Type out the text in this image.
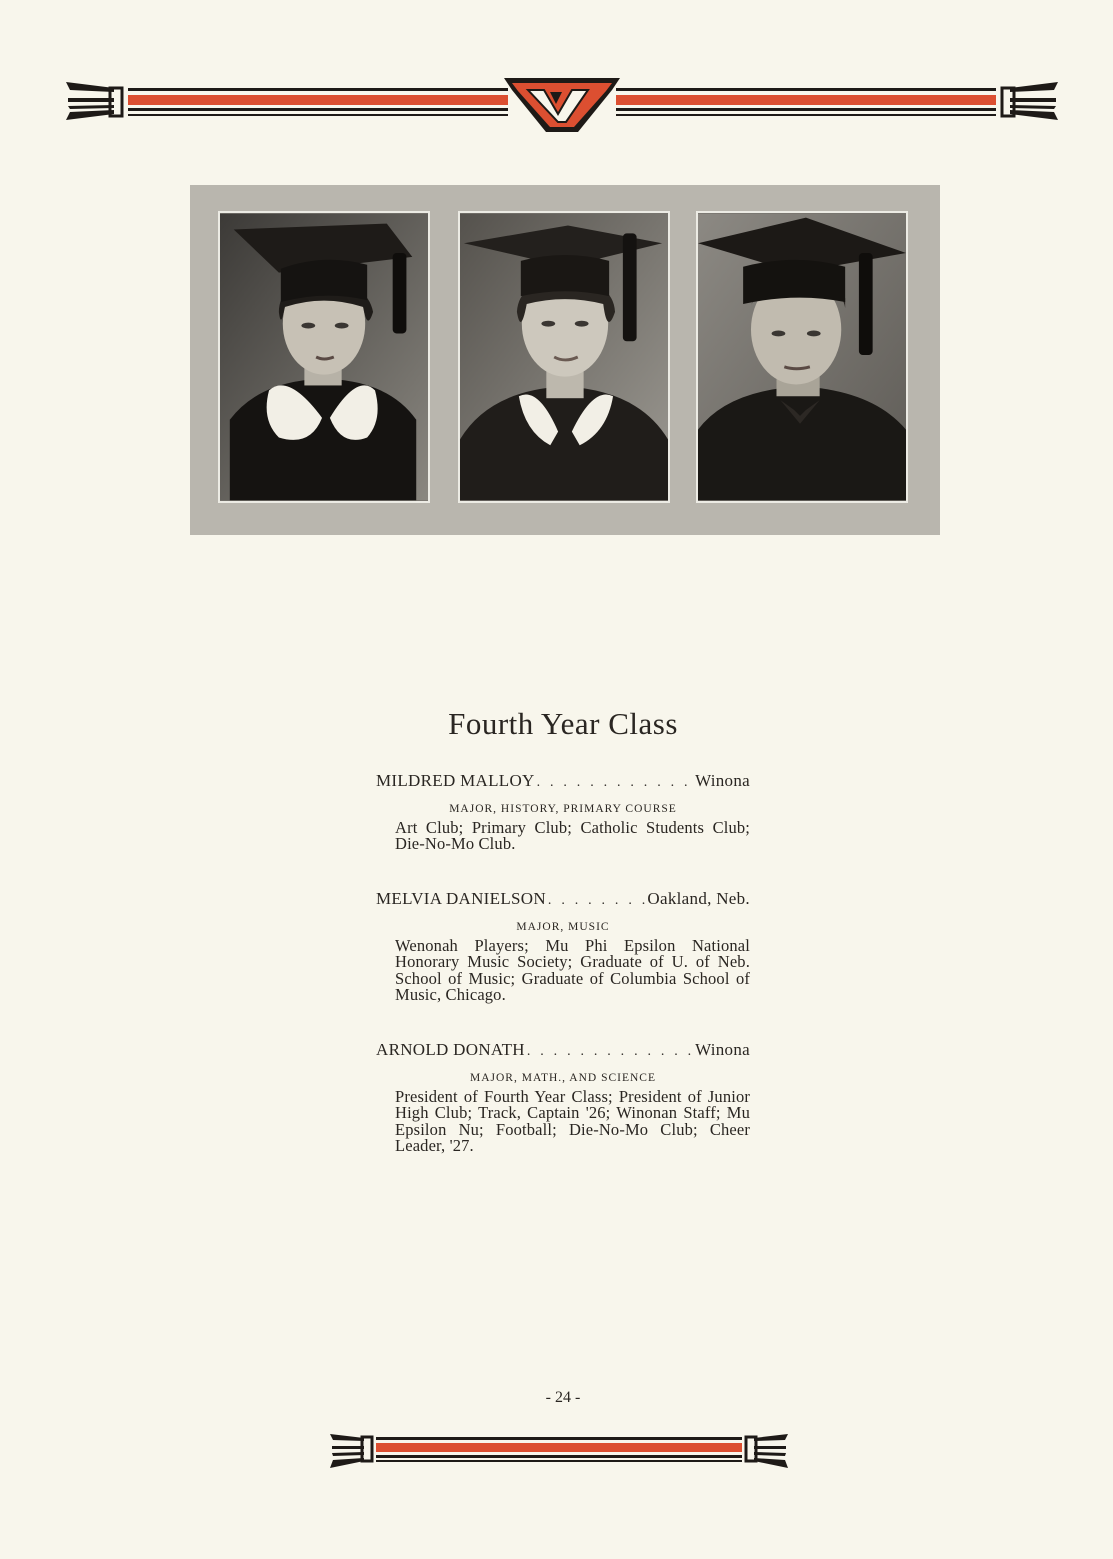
Fourth Year Class
MILDRED MALLOY . . .	Winona
MAJOR, HISTORY, PRIMARY COURSE
Art Club; Primary Club; Catholic Students Club; Die-No-Mo Club.
MELVIA DANIELSON . . .	Oakland, Neb.
MAJOR, MUSIC
Wenonah Players; Mu Phi Epsilon National Honorary Music Society; Graduate of U. of Neb. School of Music; Graduate of Columbia School of Music, Chicago.
ARNOLD DONATH . . .	Winona
MAJOR, MATH., AND SCIENCE
President of Fourth Year Class; President of Junior High Club; Track, Captain '26; Winonan Staff; Mu Epsilon Nu; Football; Die-No-Mo Club; Cheer Leader, '27.
- 24 -
